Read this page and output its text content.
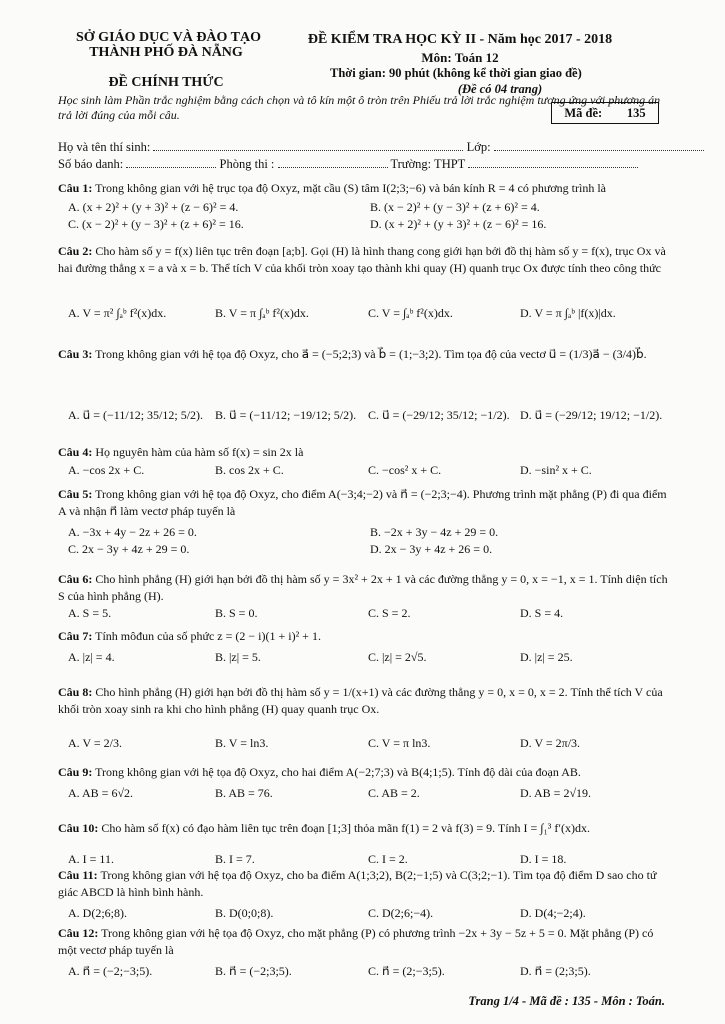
SỞ GIÁO DỤC VÀ ĐÀO TẠO
THÀNH PHỐ ĐÀ NẴNG
ĐỀ CHÍNH THỨC
ĐỀ KIỂM TRA HỌC KỲ II - Năm học 2017 - 2018
Môn: Toán 12
Thời gian: 90 phút (không kể thời gian giao đề)
(Đề có 04 trang)
Học sinh làm Phần trắc nghiệm bằng cách chọn và tô kín một ô tròn trên Phiếu trả lời trắc nghiệm tương ứng với phương án trả lời đúng của mỗi câu.	Mã đề: 135
Họ và tên thí sinh:	Lớp:
Số báo danh:	Phòng thi :	Trường: THPT
Câu 1: Trong không gian với hệ trục tọa độ Oxyz, mặt cầu (S) tâm I(2;3;−6) và bán kính R = 4 có phương trình là
A. (x + 2)² + (y + 3)² + (z − 6)² = 4.	B. (x − 2)² + (y − 3)² + (z + 6)² = 4.
C. (x − 2)² + (y − 3)² + (z + 6)² = 16.	D. (x + 2)² + (y + 3)² + (z − 6)² = 16.
Câu 2: Cho hàm số y = f(x) liên tục trên đoạn [a;b]. Gọi (H) là hình thang cong giới hạn bởi đồ thị hàm số y = f(x), trục Ox và hai đường thẳng x = a và x = b. Thể tích V của khối tròn xoay tạo thành khi quay (H) quanh trục Ox được tính theo công thức
A. V = π² ∫ₐᵇ f²(x)dx.	B. V = π ∫ₐᵇ f²(x)dx.	C. V = ∫ₐᵇ f²(x)dx.	D. V = π ∫ₐᵇ |f(x)|dx.
Câu 3: Trong không gian với hệ tọa độ Oxyz, cho a⃗ = (−5;2;3) và b⃗ = (1;−3;2). Tìm tọa độ của vectơ u⃗ = (1/3)a⃗ − (3/4)b⃗.
A. u⃗ = (−11/12; 35/12; 5/2). B. u⃗ = (−11/12; −19/12; 5/2). C. u⃗ = (−29/12; 35/12; −1/2). D. u⃗ = (−29/12; 19/12; −1/2).
Câu 4: Họ nguyên hàm của hàm số f(x) = sin 2x là
A. −cos 2x + C.	B. cos 2x + C.	C. −cos² x + C.	D. −sin² x + C.
Câu 5: Trong không gian với hệ tọa độ Oxyz, cho điểm A(−3;4;−2) và n⃗ = (−2;3;−4). Phương trình mặt phẳng (P) đi qua điểm A và nhận n⃗ làm vectơ pháp tuyến là
A. −3x + 4y − 2z + 26 = 0.	B. −2x + 3y − 4z + 29 = 0.
C. 2x − 3y + 4z + 29 = 0.	D. 2x − 3y + 4z + 26 = 0.
Câu 6: Cho hình phẳng (H) giới hạn bởi đồ thị hàm số y = 3x² + 2x + 1 và các đường thẳng y = 0, x = −1, x = 1. Tính diện tích S của hình phẳng (H).
A. S = 5.	B. S = 0.	C. S = 2.	D. S = 4.
Câu 7: Tính môđun của số phức z = (2 − i)(1 + i)² + 1.
A. |z| = 4.	B. |z| = 5.	C. |z| = 2√5.	D. |z| = 25.
Câu 8: Cho hình phẳng (H) giới hạn bởi đồ thị hàm số y = 1/(x+1) và các đường thẳng y = 0, x = 0, x = 2. Tính thể tích V của khối tròn xoay sinh ra khi cho hình phẳng (H) quay quanh trục Ox.
A. V = 2/3.	B. V = ln3.	C. V = π ln3.	D. V = 2π/3.
Câu 9: Trong không gian với hệ tọa độ Oxyz, cho hai điểm A(−2;7;3) và B(4;1;5). Tính độ dài của đoạn AB.
A. AB = 6√2.	B. AB = 76.	C. AB = 2.	D. AB = 2√19.
Câu 10: Cho hàm số f(x) có đạo hàm liên tục trên đoạn [1;3] thỏa mãn f(1) = 2 và f(3) = 9. Tính I = ∫₁³ f′(x)dx.
A. I = 11.	B. I = 7.	C. I = 2.	D. I = 18.
Câu 11: Trong không gian với hệ tọa độ Oxyz, cho ba điểm A(1;3;2), B(2;−1;5) và C(3;2;−1). Tìm tọa độ điểm D sao cho tứ giác ABCD là hình bình hành.
A. D(2;6;8).	B. D(0;0;8).	C. D(2;6;−4).	D. D(4;−2;4).
Câu 12: Trong không gian với hệ tọa độ Oxyz, cho mặt phẳng (P) có phương trình −2x + 3y − 5z + 5 = 0. Mặt phẳng (P) có một vectơ pháp tuyến là
A. n⃗ = (−2;−3;5).	B. n⃗ = (−2;3;5).	C. n⃗ = (2;−3;5).	D. n⃗ = (2;3;5).
Trang 1/4 - Mã đề : 135 - Môn : Toán.
